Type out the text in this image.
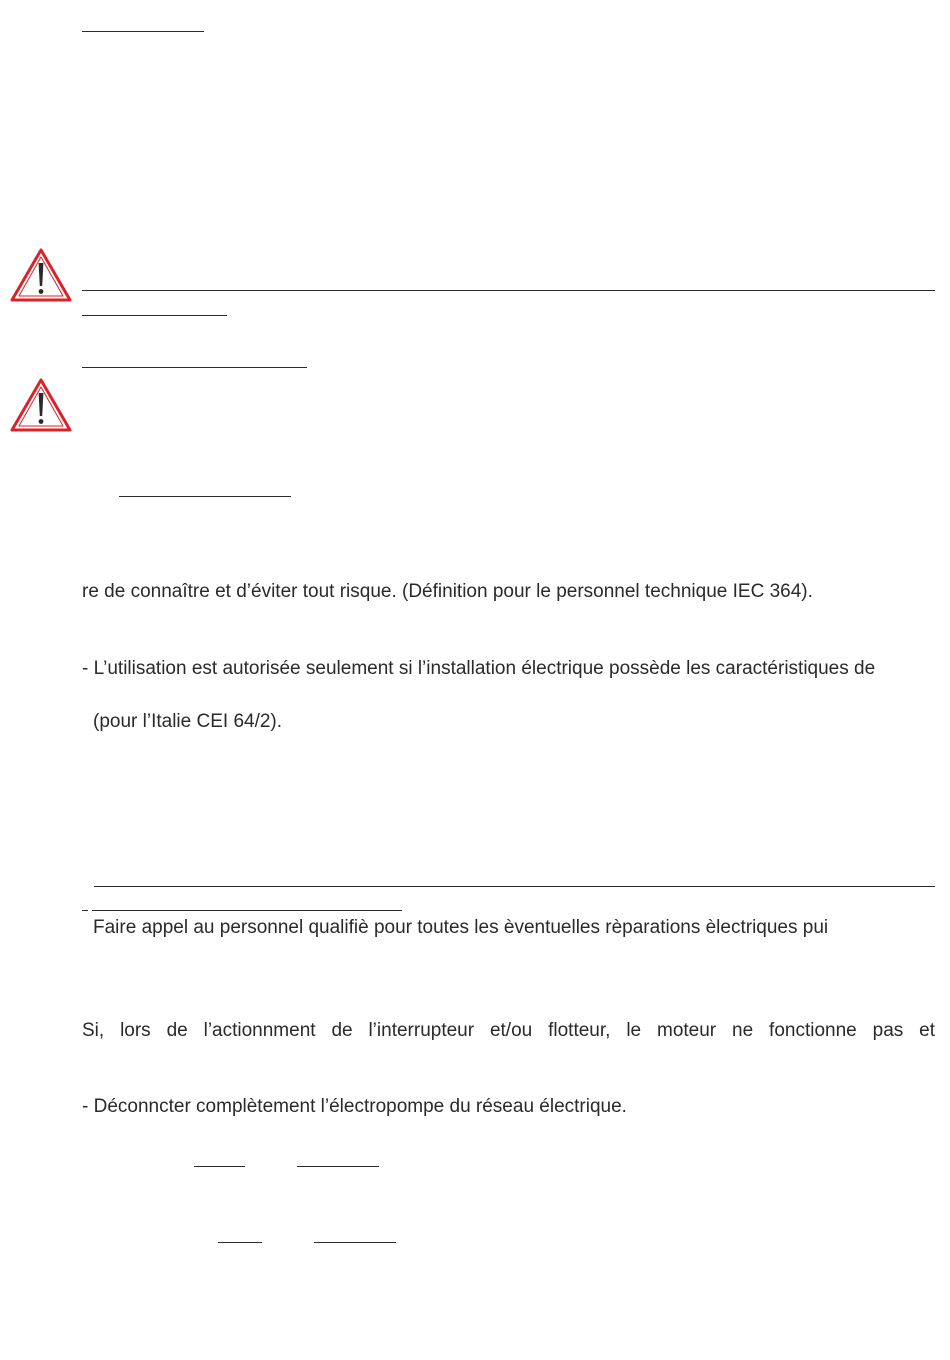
re de connaître et d’éviter tout risque. (Définition pour le personnel technique IEC 364).
- L’utilisation est autorisée seulement si l’installation électrique possède les caractéristiques de
(pour l’Italie CEI 64/2).
Faire appel au personnel qualifiè pour toutes les èventuelles rèparations èlectriques pui
Si, lors de l’actionnment de l’interrupteur et/ou flotteur, le moteur ne fonctionne pas et
- Déconncter complètement l’électropompe du réseau électrique.
